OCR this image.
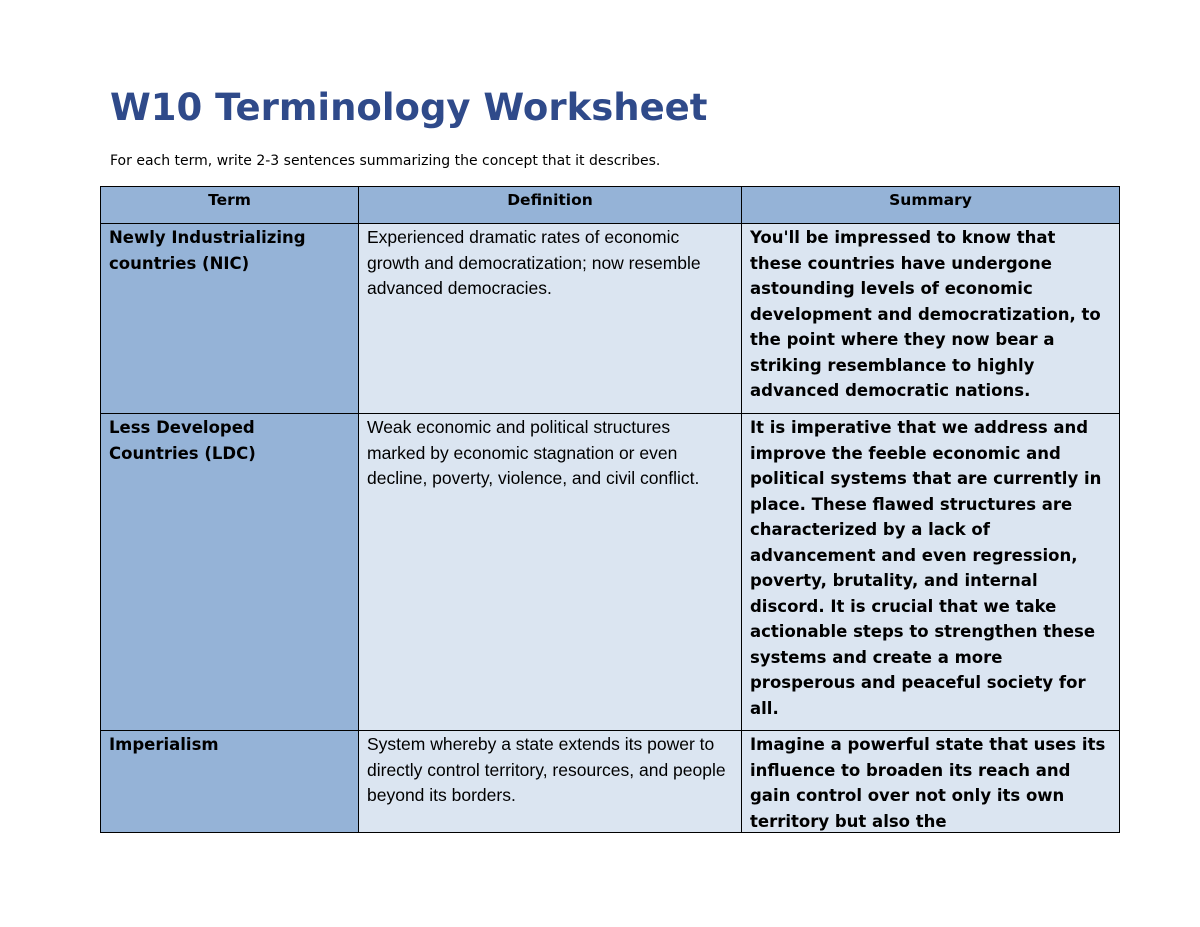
W10 Terminology Worksheet

For each term, write 2-3 sentences summarizing the concept that it describes.

Term	Definition	Summary
Newly Industrializing countries (NIC)	Experienced dramatic rates of economic growth and democratization; now resemble advanced democracies.	You'll be impressed to know that these countries have undergone astounding levels of economic development and democratization, to the point where they now bear a striking resemblance to highly advanced democratic nations.
Less Developed Countries (LDC)	Weak economic and political structures marked by economic stagnation or even decline, poverty, violence, and civil conflict.	It is imperative that we address and improve the feeble economic and political systems that are currently in place. These flawed structures are characterized by a lack of advancement and even regression, poverty, brutality, and internal discord. It is crucial that we take actionable steps to strengthen these systems and create a more prosperous and peaceful society for all.
Imperialism	System whereby a state extends its power to directly control territory, resources, and people beyond its borders.	Imagine a powerful state that uses its influence to broaden its reach and gain control over not only its own territory but also the
